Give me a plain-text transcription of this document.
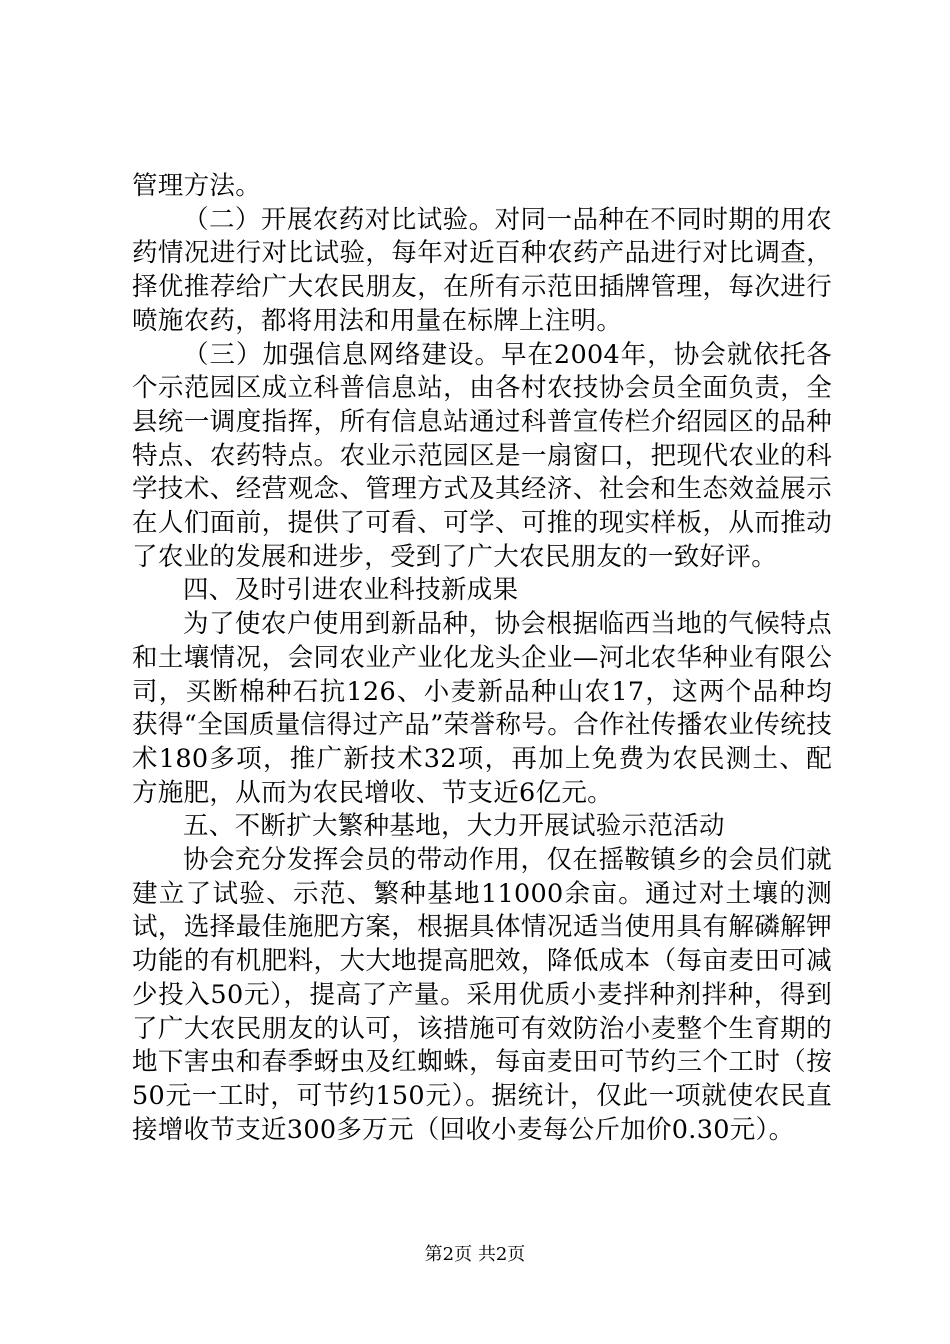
管理方法。

（二）开展农药对比试验。对同一品种在不同时期的用农药情况进行对比试验，每年对近百种农药产品进行对比调查，择优推荐给广大农民朋友，在所有示范田插牌管理，每次进行喷施农药，都将用法和用量在标牌上注明。

（三）加强信息网络建设。早在2004年，协会就依托各个示范园区成立科普信息站，由各村农技协会员全面负责，全县统一调度指挥，所有信息站通过科普宣传栏介绍园区的品种特点、农药特点。农业示范园区是一扇窗口，把现代农业的科学技术、经营观念、管理方式及其经济、社会和生态效益展示在人们面前，提供了可看、可学、可推的现实样板，从而推动了农业的发展和进步，受到了广大农民朋友的一致好评。

四、及时引进农业科技新成果

为了使农户使用到新品种，协会根据临西当地的气候特点和土壤情况，会同农业产业化龙头企业—河北农华种业有限公司，买断棉种石抗126、小麦新品种山农17，这两个品种均获得“全国质量信得过产品”荣誉称号。合作社传播农业传统技术180多项，推广新技术32项，再加上免费为农民测土、配方施肥，从而为农民增收、节支近6亿元。

五、不断扩大繁种基地，大力开展试验示范活动

协会充分发挥会员的带动作用，仅在摇鞍镇乡的会员们就建立了试验、示范、繁种基地11000余亩。通过对土壤的测试，选择最佳施肥方案，根据具体情况适当使用具有解磷解钾功能的有机肥料，大大地提高肥效，降低成本（每亩麦田可减少投入50元），提高了产量。采用优质小麦拌种剂拌种，得到了广大农民朋友的认可，该措施可有效防治小麦整个生育期的地下害虫和春季蚜虫及红蜘蛛，每亩麦田可节约三个工时（按50元一工时，可节约150元）。据统计，仅此一项就使农民直接增收节支近300多万元（回收小麦每公斤加价0.30元）。

第2页 共2页
